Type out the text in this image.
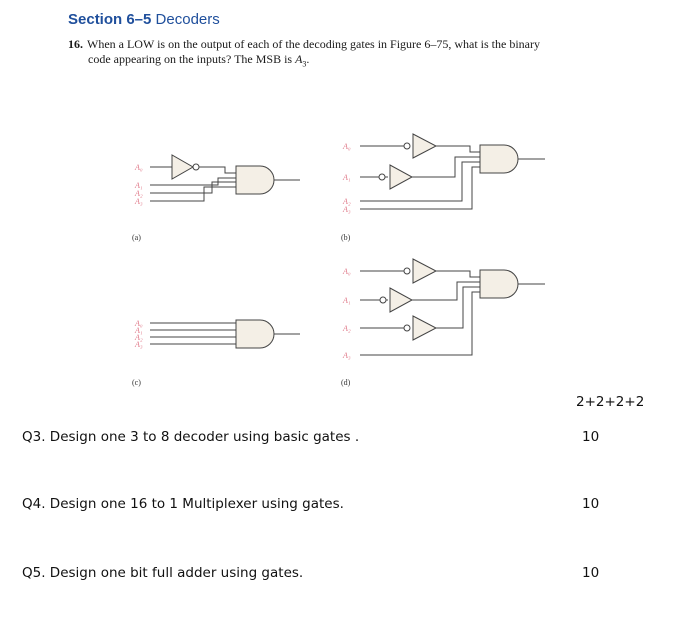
Section 6–5 Decoders
16. When a LOW is on the output of each of the decoding gates in Figure 6–75, what is the binary
code appearing on the inputs? The MSB is $A_3$.
A₀
A₁
A₂
A₃
(a)
A₀
A₁
A₂
A₃
(b)
A₀
A₁
A₂
A₃
(c)
A₀
A₁
A₂
A₃
(d)
2+2+2+2
Q3. Design one 3 to 8 decoder using basic gates .	10
Q4. Design one 16 to 1 Multiplexer using gates.	10
Q5. Design one bit full adder using gates.	10
